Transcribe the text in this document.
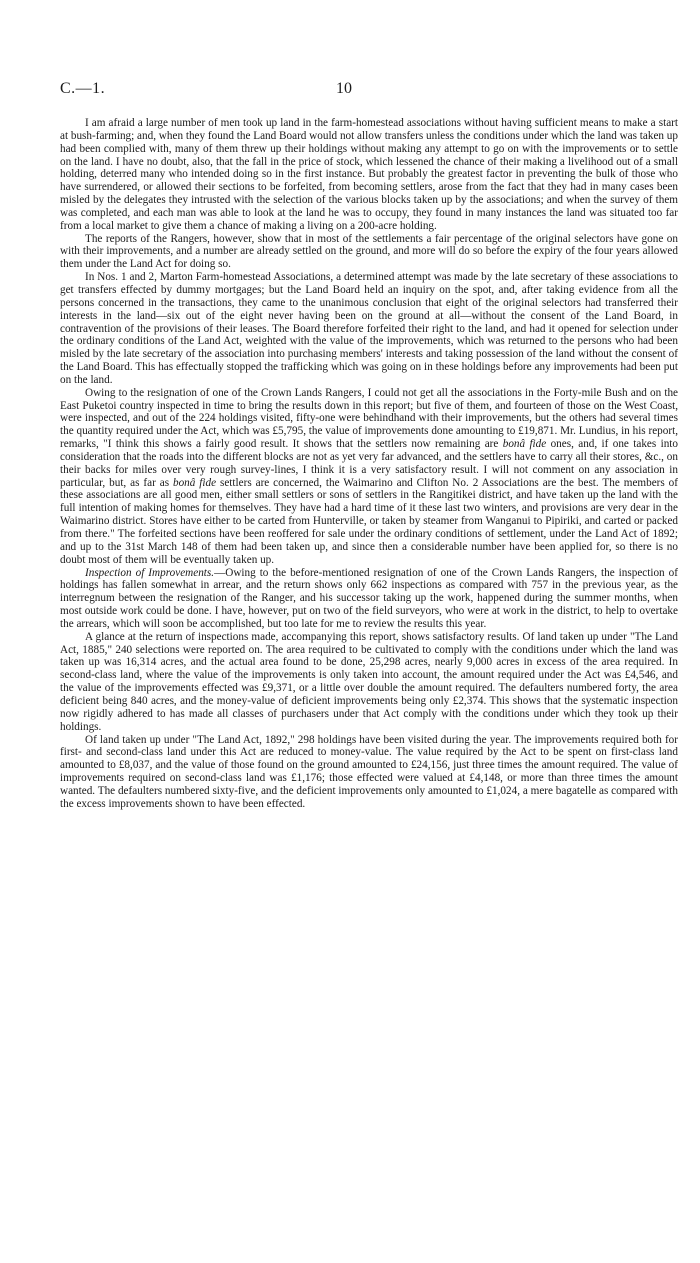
C.—1.	10

I am afraid a large number of men took up land in the farm-homestead associations without having sufficient means to make a start at bush-farming; and, when they found the Land Board would not allow transfers unless the conditions under which the land was taken up had been complied with, many of them threw up their holdings without making any attempt to go on with the improvements or to settle on the land. I have no doubt, also, that the fall in the price of stock, which lessened the chance of their making a livelihood out of a small holding, deterred many who intended doing so in the first instance. But probably the greatest factor in preventing the bulk of those who have surrendered, or allowed their sections to be forfeited, from becoming settlers, arose from the fact that they had in many cases been misled by the delegates they intrusted with the selection of the various blocks taken up by the associations; and when the survey of them was completed, and each man was able to look at the land he was to occupy, they found in many instances the land was situated too far from a local market to give them a chance of making a living on a 200-acre holding.

The reports of the Rangers, however, show that in most of the settlements a fair percentage of the original selectors have gone on with their improvements, and a number are already settled on the ground, and more will do so before the expiry of the four years allowed them under the Land Act for doing so.

In Nos. 1 and 2, Marton Farm-homestead Associations, a determined attempt was made by the late secretary of these associations to get transfers effected by dummy mortgages; but the Land Board held an inquiry on the spot, and, after taking evidence from all the persons concerned in the transactions, they came to the unanimous conclusion that eight of the original selectors had transferred their interests in the land—six out of the eight never having been on the ground at all—without the consent of the Land Board, in contravention of the provisions of their leases. The Board therefore forfeited their right to the land, and had it opened for selection under the ordinary conditions of the Land Act, weighted with the value of the improvements, which was returned to the persons who had been misled by the late secretary of the association into purchasing members' interests and taking possession of the land without the consent of the Land Board. This has effectually stopped the trafficking which was going on in these holdings before any improvements had been put on the land.

Owing to the resignation of one of the Crown Lands Rangers, I could not get all the associations in the Forty-mile Bush and on the East Puketoi country inspected in time to bring the results down in this report; but five of them, and fourteen of those on the West Coast, were inspected, and out of the 224 holdings visited, fifty-one were behindhand with their improvements, but the others had several times the quantity required under the Act, which was £5,795, the value of improvements done amounting to £19,871. Mr. Lundius, in his report, remarks, "I think this shows a fairly good result. It shows that the settlers now remaining are bonâ fide ones, and, if one takes into consideration that the roads into the different blocks are not as yet very far advanced, and the settlers have to carry all their stores, &c., on their backs for miles over very rough survey-lines, I think it is a very satisfactory result. I will not comment on any association in particular, but, as far as bonâ fide settlers are concerned, the Waimarino and Clifton No. 2 Associations are the best. The members of these associations are all good men, either small settlers or sons of settlers in the Rangitikei district, and have taken up the land with the full intention of making homes for themselves. They have had a hard time of it these last two winters, and provisions are very dear in the Waimarino district. Stores have either to be carted from Hunterville, or taken by steamer from Wanganui to Pipiriki, and carted or packed from there." The forfeited sections have been reoffered for sale under the ordinary conditions of settlement, under the Land Act of 1892; and up to the 31st March 148 of them had been taken up, and since then a considerable number have been applied for, so there is no doubt most of them will be eventually taken up.

Inspection of Improvements.—Owing to the before-mentioned resignation of one of the Crown Lands Rangers, the inspection of holdings has fallen somewhat in arrear, and the return shows only 662 inspections as compared with 757 in the previous year, as the interregnum between the resignation of the Ranger, and his successor taking up the work, happened during the summer months, when most outside work could be done. I have, however, put on two of the field surveyors, who were at work in the district, to help to overtake the arrears, which will soon be accomplished, but too late for me to review the results this year.

A glance at the return of inspections made, accompanying this report, shows satisfactory results. Of land taken up under "The Land Act, 1885," 240 selections were reported on. The area required to be cultivated to comply with the conditions under which the land was taken up was 16,314 acres, and the actual area found to be done, 25,298 acres, nearly 9,000 acres in excess of the area required. In second-class land, where the value of the improvements is only taken into account, the amount required under the Act was £4,546, and the value of the improvements effected was £9,371, or a little over double the amount required. The defaulters numbered forty, the area deficient being 840 acres, and the money-value of deficient improvements being only £2,374. This shows that the systematic inspection now rigidly adhered to has made all classes of purchasers under that Act comply with the conditions under which they took up their holdings.

Of land taken up under "The Land Act, 1892," 298 holdings have been visited during the year. The improvements required both for first- and second-class land under this Act are reduced to money-value. The value required by the Act to be spent on first-class land amounted to £8,037, and the value of those found on the ground amounted to £24,156, just three times the amount required. The value of improvements required on second-class land was £1,176; those effected were valued at £4,148, or more than three times the amount wanted. The defaulters numbered sixty-five, and the deficient improvements only amounted to £1,024, a mere bagatelle as compared with the excess improvements shown to have been effected.
